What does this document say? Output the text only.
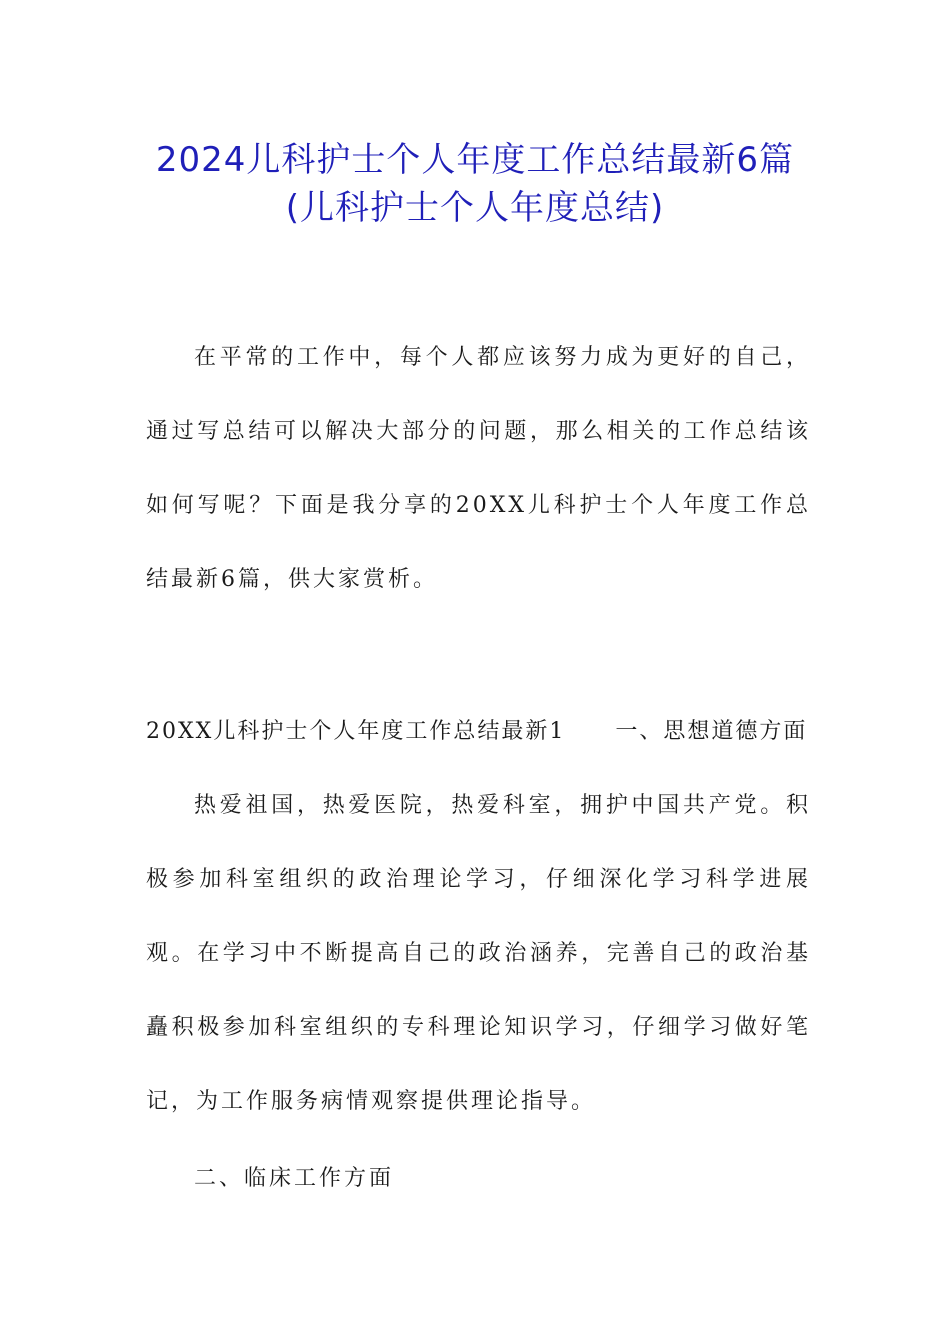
2024儿科护士个人年度工作总结最新6篇
(儿科护士个人年度总结)

在平常的工作中，每个人都应该努力成为更好的自己，通过写总结可以解决大部分的问题，那么相关的工作总结该如何写呢？下面是我分享的20XX儿科护士个人年度工作总结最新6篇，供大家赏析。

20XX儿科护士个人年度工作总结最新1 一、思想道德方面

热爱祖国，热爱医院，热爱科室，拥护中国共产党。积极参加科室组织的政治理论学习，仔细深化学习科学进展观。在学习中不断提高自己的政治涵养，完善自己的政治基矗积极参加科室组织的专科理论知识学习，仔细学习做好笔记，为工作服务病情观察提供理论指导。

二、临床工作方面
